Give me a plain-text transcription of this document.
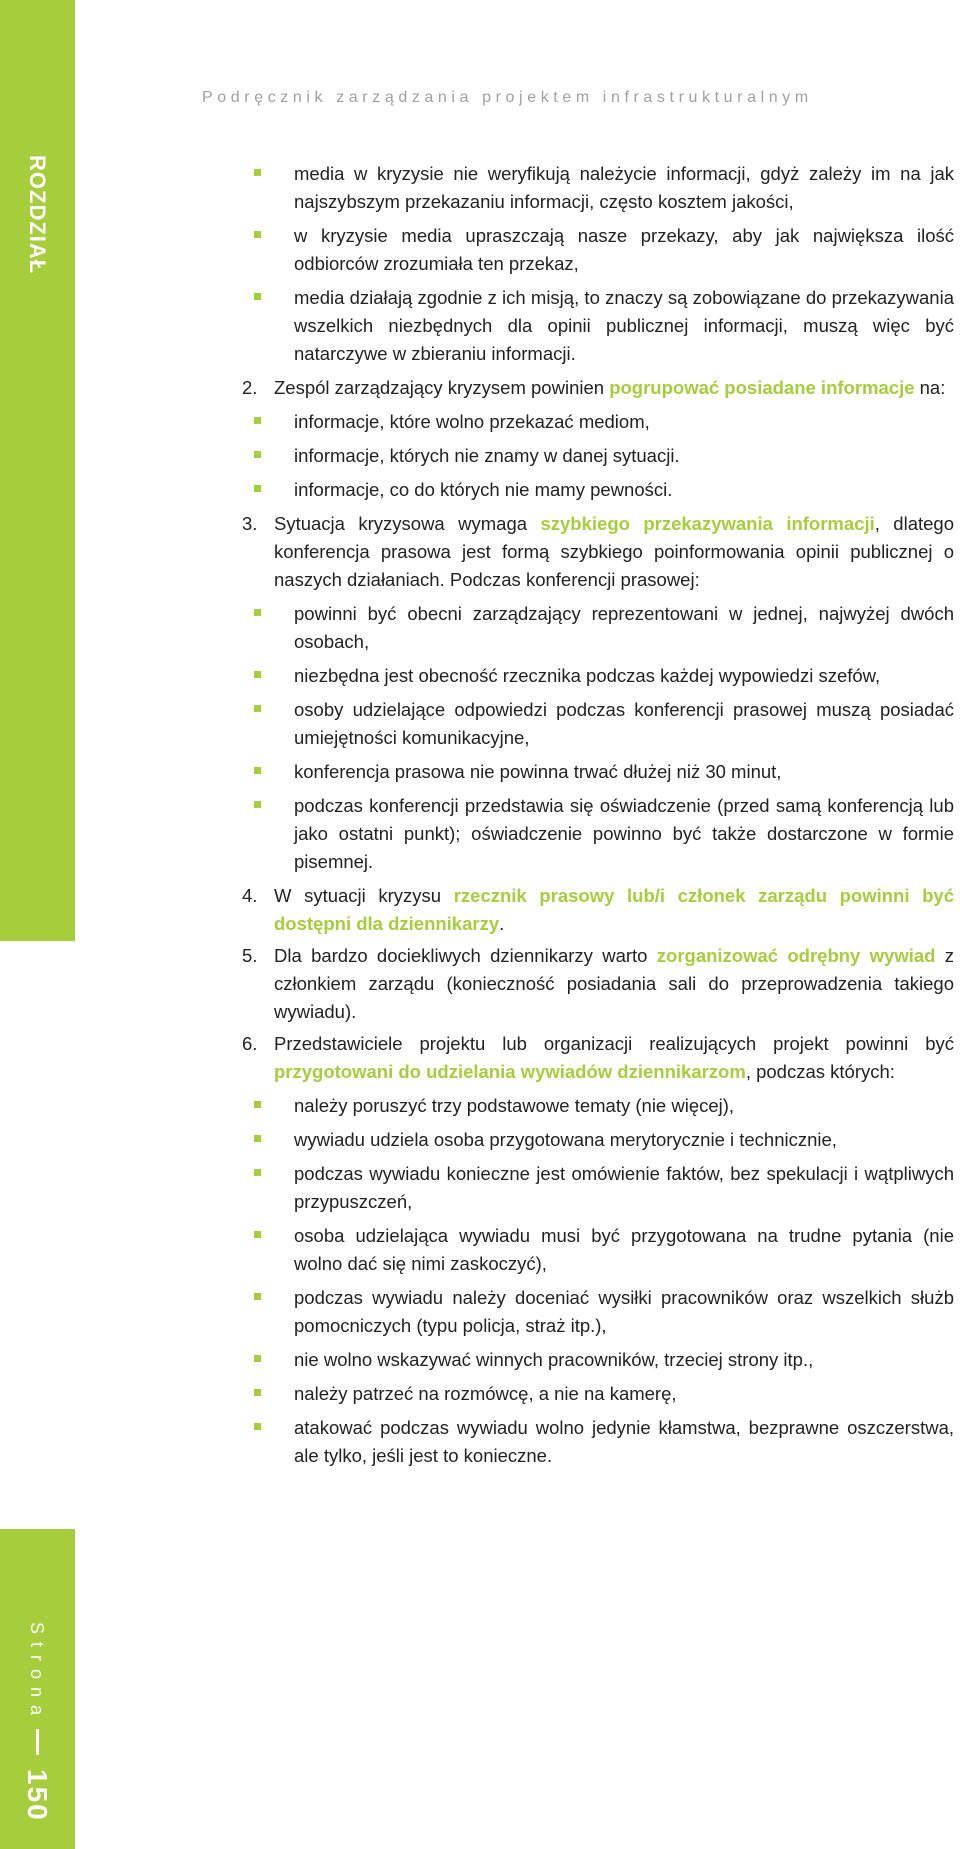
ROZDZIAŁ
Strona
150
Podręcznik zarządzania projektem infrastrukturalnym
media w kryzysie nie weryfikują należycie informacji, gdyż zależy im na jak najszybszym przekazaniu informacji, często kosztem jakości,
w kryzysie media upraszczają nasze przekazy, aby jak największa ilość odbiorców zrozumiała ten przekaz,
media działają zgodnie z ich misją, to znaczy są zobowiązane do przekazywania wszelkich niezbędnych dla opinii publicznej informacji, muszą więc być natarczywe w zbieraniu informacji.
2. Zespól zarządzający kryzysem powinien pogrupować posiadane informacje na:
informacje, które wolno przekazać mediom,
informacje, których nie znamy w danej sytuacji.
informacje, co do których nie mamy pewności.
3. Sytuacja kryzysowa wymaga szybkiego przekazywania informacji, dlatego konferencja prasowa jest formą szybkiego poinformowania opinii publicznej o naszych działaniach. Podczas konferencji prasowej:
powinni być obecni zarządzający reprezentowani w jednej, najwyżej dwóch osobach,
niezbędna jest obecność rzecznika podczas każdej wypowiedzi szefów,
osoby udzielające odpowiedzi podczas konferencji prasowej muszą posiadać umiejętności komunikacyjne,
konferencja prasowa nie powinna trwać dłużej niż 30 minut,
podczas konferencji przedstawia się oświadczenie (przed samą konferencją lub jako ostatni punkt); oświadczenie powinno być także dostarczone w formie pisemnej.
4. W sytuacji kryzysu rzecznik prasowy lub/i członek zarządu powinni być dostępni dla dziennikarzy.
5. Dla bardzo dociekliwych dziennikarzy warto zorganizować odrębny wywiad z członkiem zarządu (konieczność posiadania sali do przeprowadzenia takiego wywiadu).
6. Przedstawiciele projektu lub organizacji realizujących projekt powinni być przygotowani do udzielania wywiadów dziennikarzom, podczas których:
należy poruszyć trzy podstawowe tematy (nie więcej),
wywiadu udziela osoba przygotowana merytorycznie i technicznie,
podczas wywiadu konieczne jest omówienie faktów, bez spekulacji i wątpliwych przypuszczeń,
osoba udzielająca wywiadu musi być przygotowana na trudne pytania (nie wolno dać się nimi zaskoczyć),
podczas wywiadu należy doceniać wysiłki pracowników oraz wszelkich służb pomocniczych (typu policja, straż itp.),
nie wolno wskazywać winnych pracowników, trzeciej strony itp.,
należy patrzeć na rozmówcę, a nie na kamerę,
atakować podczas wywiadu wolno jedynie kłamstwa, bezprawne oszczerstwa, ale tylko, jeśli jest to konieczne.
